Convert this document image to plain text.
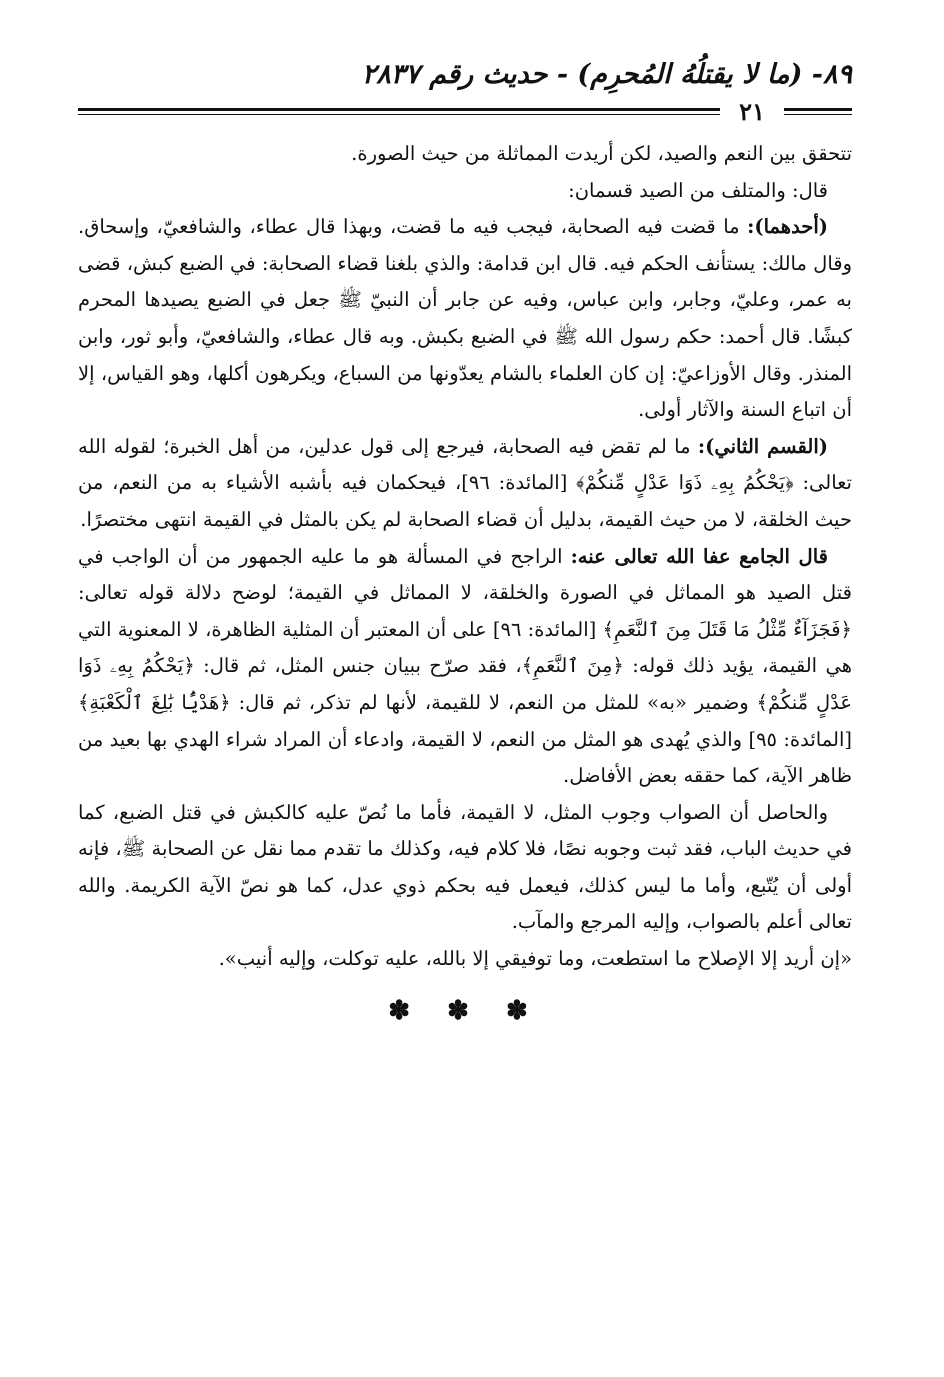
٨٩- (ما لا يقتلُهُ المُحرِم) - حديث رقم ٢٨٣٧
٢١

تتحقق بين النعم والصيد، لكن أريدت المماثلة من حيث الصورة.

قال: والمتلف من الصيد قسمان:

(أحدهما): ما قضت فيه الصحابة، فيجب فيه ما قضت، وبهذا قال عطاء، والشافعيّ، وإسحاق. وقال مالك: يستأنف الحكم فيه. قال ابن قدامة: والذي بلغنا قضاء الصحابة: في الضبع كبش، قضى به عمر، وعليّ، وجابر، وابن عباس، وفيه عن جابر أن النبيّ ﷺ جعل في الضبع يصيدها المحرم كبشًا. قال أحمد: حكم رسول الله ﷺ في الضبع بكبش. وبه قال عطاء، والشافعيّ، وأبو ثور، وابن المنذر. وقال الأوزاعيّ: إن كان العلماء بالشام يعدّونها من السباع، ويكرهون أكلها، وهو القياس، إلا أن اتباع السنة والآثار أولى.

(القسم الثاني): ما لم تقض فيه الصحابة، فيرجع إلى قول عدلين، من أهل الخبرة؛ لقوله الله تعالى: ﴿يَحْكُمُ بِهِۦ ذَوَا عَدْلٍ مِّنكُمْ﴾ [المائدة: ٩٦]، فيحكمان فيه بأشبه الأشياء به من النعم، من حيث الخلقة، لا من حيث القيمة، بدليل أن قضاء الصحابة لم يكن بالمثل في القيمة انتهى مختصرًا.

قال الجامع عفا الله تعالى عنه: الراجح في المسألة هو ما عليه الجمهور من أن الواجب في قتل الصيد هو المماثل في الصورة والخلقة، لا المماثل في القيمة؛ لوضح دلالة قوله تعالى: ﴿فَجَزَآءٌ مِّثْلُ مَا قَتَلَ مِنَ ٱلنَّعَمِ﴾ [المائدة: ٩٦] على أن المعتبر أن المثلية الظاهرة، لا المعنوية التي هي القيمة، يؤيد ذلك قوله: ﴿مِنَ ٱلنَّعَمِ﴾، فقد صرّح ببيان جنس المثل، ثم قال: ﴿يَحْكُمُ بِهِۦ ذَوَا عَدْلٍ مِّنكُمْ﴾ وضمير «به» للمثل من النعم، لا للقيمة، لأنها لم تذكر، ثم قال: ﴿هَدْيًۢا بَٰلِغَ ٱلْكَعْبَةِ﴾ [المائدة: ٩٥] والذي يُهدى هو المثل من النعم، لا القيمة، وادعاء أن المراد شراء الهدي بها بعيد من ظاهر الآية، كما حققه بعض الأفاضل.

والحاصل أن الصواب وجوب المثل، لا القيمة، فأما ما نُصّ عليه كالكبش في قتل الضبع، كما في حديث الباب، فقد ثبت وجوبه نصًا، فلا كلام فيه، وكذلك ما تقدم مما نقل عن الصحابة ﷺ، فإنه أولى أن يُتّبع، وأما ما ليس كذلك، فيعمل فيه بحكم ذوي عدل، كما هو نصّ الآية الكريمة. والله تعالى أعلم بالصواب، وإليه المرجع والمآب.

«إن أريد إلا الإصلاح ما استطعت، وما توفيقي إلا بالله، عليه توكلت، وإليه أنيب».

✽ ✽ ✽
